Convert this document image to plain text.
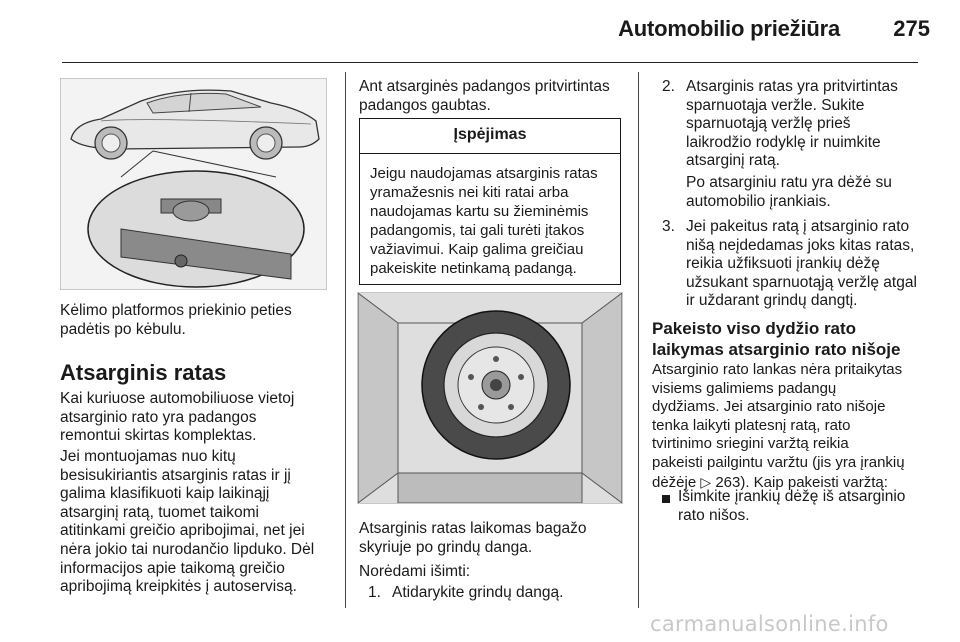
Automobilio priežiūra	275

Kėlimo platformos priekinio peties

padėtis po kėbulu.

Atsarginis ratas

Kai kuriuose automobiliuose vietoj

atsarginio rato yra padangos

remontui skirtas komplektas.

Jei montuojamas nuo kitų

besisukiriantis atsarginis ratas ir jį

galima klasifikuoti kaip laikinąjį

atsarginį ratą, tuomet taikomi

atitinkami greičio apribojimai, net jei

nėra jokio tai nurodančio lipduko. Dėl

informacijos apie taikomą greičio

apribojimą kreipkitės į autoservisą.

Ant atsarginės padangos pritvirtintas

padangos gaubtas.

Įspėjimas
Jeigu naudojamas atsarginis ratas
yramažesnis nei kiti ratai arba
naudojamas kartu su žieminėmis
padangomis, tai gali turėti įtakos
važiavimui. Kaip galima greičiau
pakeiskite netinkamą padangą.

Atsarginis ratas laikomas bagažo

skyriuje po grindų danga.

Norėdami išimti:
1. Atidarykite grindų dangą.
2. Atsarginis ratas yra pritvirtintas
sparnuotąja veržle. Sukite
sparnuotąją veržlę prieš
laikrodžio rodyklę ir nuimkite
atsarginį ratą.

Po atsarginiu ratu yra dėžė su

automobilio įrankiais.

3. Jei pakeitus ratą į atsarginio rato
nišą neįdedamas joks kitas ratas,
reikia užfiksuoti įrankių dėžę
užsukant sparnuotąją veržlę atgal
ir uždarant grindų dangtį.
Pakeisto viso dydžio rato
laikymas atsarginio rato nišoje

Atsarginio rato lankas nėra pritaikytas

visiems galimiems padangų

dydžiams. Jei atsarginio rato nišoje

tenka laikyti platesnį ratą, rato

tvirtinimo sriegini varžtą reikia

pakeisti pailgintu varžtu (jis yra įrankių

dėžėje ▷ 263). Kaip pakeisti varžtą:

Išimkite įrankių dėžę iš atsarginio

rato nišos.

carmanualsonline.info
